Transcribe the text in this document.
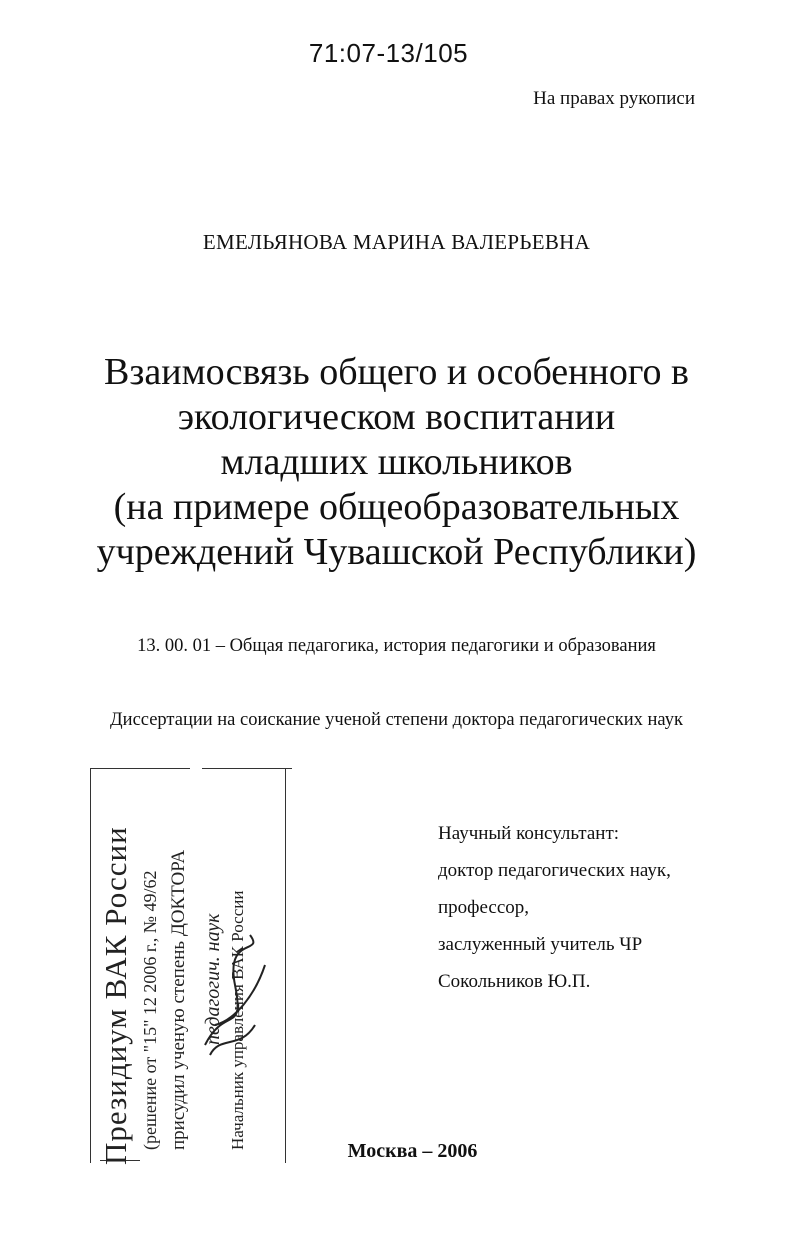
71:07-13/105
На правах рукописи
ЕМЕЛЬЯНОВА МАРИНА ВАЛЕРЬЕВНА
Взаимосвязь общего и особенного в
экологическом воспитании
младших школьников
(на примере общеобразовательных
учреждений Чувашской Республики)
13. 00. 01 – Общая педагогика, история педагогики и образования
Диссертации на соискание ученой степени доктора педагогических наук
Научный консультант:
доктор педагогических наук,
профессор,
заслуженный учитель ЧР
Сокольников Ю.П.
Москва – 2006
Президиум ВАК России (решение от "15" 12 2006 г., № 49/62 присудил ученую степень ДОКТОРА педагогич. наук Начальник управления ВАК России
